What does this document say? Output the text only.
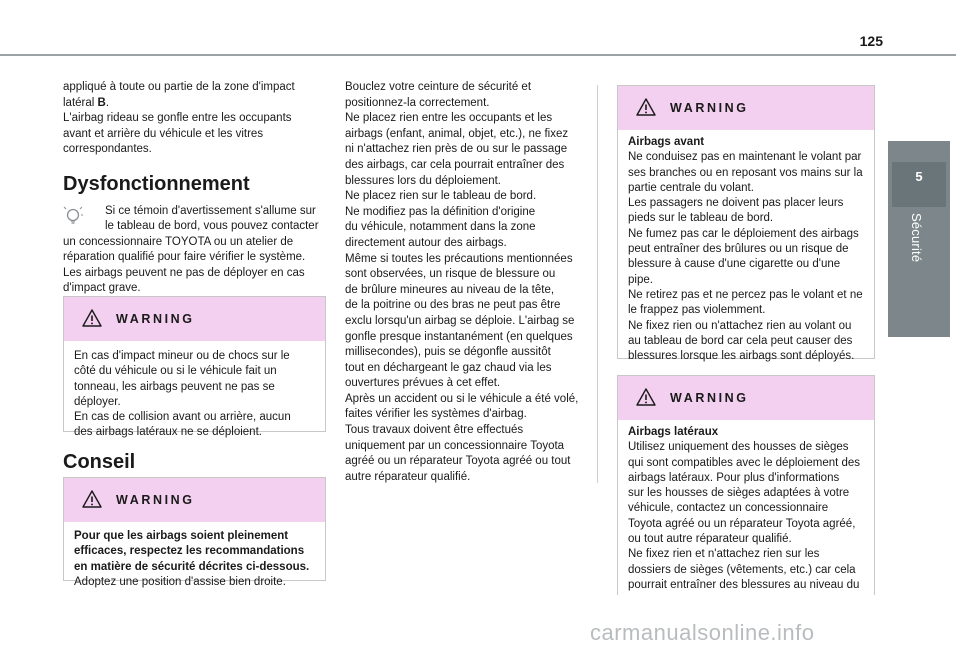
125
5
Sécurité
appliqué à toute ou partie de la zone d'impact
latéral B.
L'airbag rideau se gonfle entre les occupants
avant et arrière du véhicule et les vitres
correspondantes.
Dysfonctionnement
Si ce témoin d'avertissement s'allume sur
le tableau de bord, vous pouvez contacter
un concessionnaire TOYOTA ou un atelier de
réparation qualifié pour faire vérifier le système.
Les airbags peuvent ne pas de déployer en cas
d'impact grave.
WARNING
En cas d'impact mineur ou de chocs sur le
côté du véhicule ou si le véhicule fait un
tonneau, les airbags peuvent ne pas se
déployer.
En cas de collision avant ou arrière, aucun
des airbags latéraux ne se déploient.
Conseil
WARNING
Pour que les airbags soient pleinement
efficaces, respectez les recommandations
en matière de sécurité décrites ci-dessous.
Adoptez une position d'assise bien droite.
Bouclez votre ceinture de sécurité et
positionnez-la correctement.
Ne placez rien entre les occupants et les
airbags (enfant, animal, objet, etc.), ne fixez
ni n'attachez rien près de ou sur le passage
des airbags, car cela pourrait entraîner des
blessures lors du déploiement.
Ne placez rien sur le tableau de bord.
Ne modifiez pas la définition d'origine
du véhicule, notamment dans la zone
directement autour des airbags.
Même si toutes les précautions mentionnées
sont observées, un risque de blessure ou
de brûlure mineures au niveau de la tête,
de la poitrine ou des bras ne peut pas être
exclu lorsqu'un airbag se déploie. L'airbag se
gonfle presque instantanément (en quelques
millisecondes), puis se dégonfle aussitôt
tout en déchargeant le gaz chaud via les
ouvertures prévues à cet effet.
Après un accident ou si le véhicule a été volé,
faites vérifier les systèmes d'airbag.
Tous travaux doivent être effectués
uniquement par un concessionnaire Toyota
agréé ou un réparateur Toyota agréé ou tout
autre réparateur qualifié.
WARNING
Airbags avant
Ne conduisez pas en maintenant le volant par
ses branches ou en reposant vos mains sur la
partie centrale du volant.
Les passagers ne doivent pas placer leurs
pieds sur le tableau de bord.
Ne fumez pas car le déploiement des airbags
peut entraîner des brûlures ou un risque de
blessure à cause d'une cigarette ou d'une
pipe.
Ne retirez pas et ne percez pas le volant et ne
le frappez pas violemment.
Ne fixez rien ou n'attachez rien au volant ou
au tableau de bord car cela peut causer des
blessures lorsque les airbags sont déployés.
WARNING
Airbags latéraux
Utilisez uniquement des housses de sièges
qui sont compatibles avec le déploiement des
airbags latéraux. Pour plus d'informations
sur les housses de sièges adaptées à votre
véhicule, contactez un concessionnaire
Toyota agréé ou un réparateur Toyota agréé,
ou tout autre réparateur qualifié.
Ne fixez rien et n'attachez rien sur les
dossiers de sièges (vêtements, etc.) car cela
pourrait entraîner des blessures au niveau du
carmanualsonline.info
